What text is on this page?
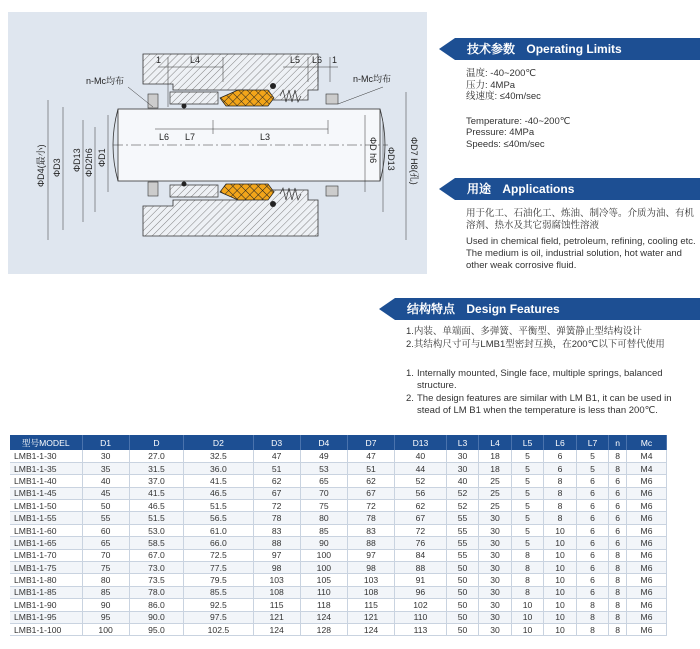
1	L4	L5 L6 1
L6 L7	L3
n-Mc均布	n-Mc均布
ΦD4(最小) ΦD3 ΦD13 ΦD2h6 ΦD1	ΦD h6 ΦD13 ΦD7 H8(孔)
技术参数 Operating Limits
温度: -40~200℃
压力: 4MPa
线速度: ≤40m/sec
Temperature: -40~200℃
Pressure: 4MPa
Speeds: ≤40m/sec
用途 Applications
用于化工、石油化工、炼油、制冷等。介质为油、有机溶剂、热水及其它弱腐蚀性溶液
Used in chemical field, petroleum, refining, cooling etc. The medium is oil, industrial solution, hot water and other weak corrosive fluid.
结构特点 Design Features
1.内装、单端面、多弹簧、平衡型、弹簧静止型结构设计
2.其结构尺寸可与LMB1型密封互换，在200℃以下可替代使用
1. Internally mounted, Single face, multiple springs, balanced structure.
2. The design features are similar with LM B1, it can be used in stead of LM B1 when the temperature is less than 200℃.
型号MODEL	D1	D	D2	D3	D4	D7	D13	L3	L4	L5	L6	L7	n	Mc
LMB1-1-30	30	27.0	32.5	47	49	47	40	30	18	5	6	5	8	M4
LMB1-1-35	35	31.5	36.0	51	53	51	44	30	18	5	6	5	8	M4
LMB1-1-40	40	37.0	41.5	62	65	62	52	40	25	5	8	6	6	M6
LMB1-1-45	45	41.5	46.5	67	70	67	56	52	25	5	8	6	6	M6
LMB1-1-50	50	46.5	51.5	72	75	72	62	52	25	5	8	6	6	M6
LMB1-1-55	55	51.5	56.5	78	80	78	67	55	30	5	8	6	6	M6
LMB1-1-60	60	53.0	61.0	83	85	83	72	55	30	5	10	6	6	M6
LMB1-1-65	65	58.5	66.0	88	90	88	76	55	30	5	10	6	6	M6
LMB1-1-70	70	67.0	72.5	97	100	97	84	55	30	8	10	6	8	M6
LMB1-1-75	75	73.0	77.5	98	100	98	88	50	30	8	10	6	8	M6
LMB1-1-80	80	73.5	79.5	103	105	103	91	50	30	8	10	6	8	M6
LMB1-1-85	85	78.0	85.5	108	110	108	96	50	30	8	10	6	8	M6
LMB1-1-90	90	86.0	92.5	115	118	115	102	50	30	10	10	8	8	M6
LMB1-1-95	95	90.0	97.5	121	124	121	110	50	30	10	10	8	8	M6
LMB1-1-100	100	95.0	102.5	124	128	124	113	50	30	10	10	8	8	M6
